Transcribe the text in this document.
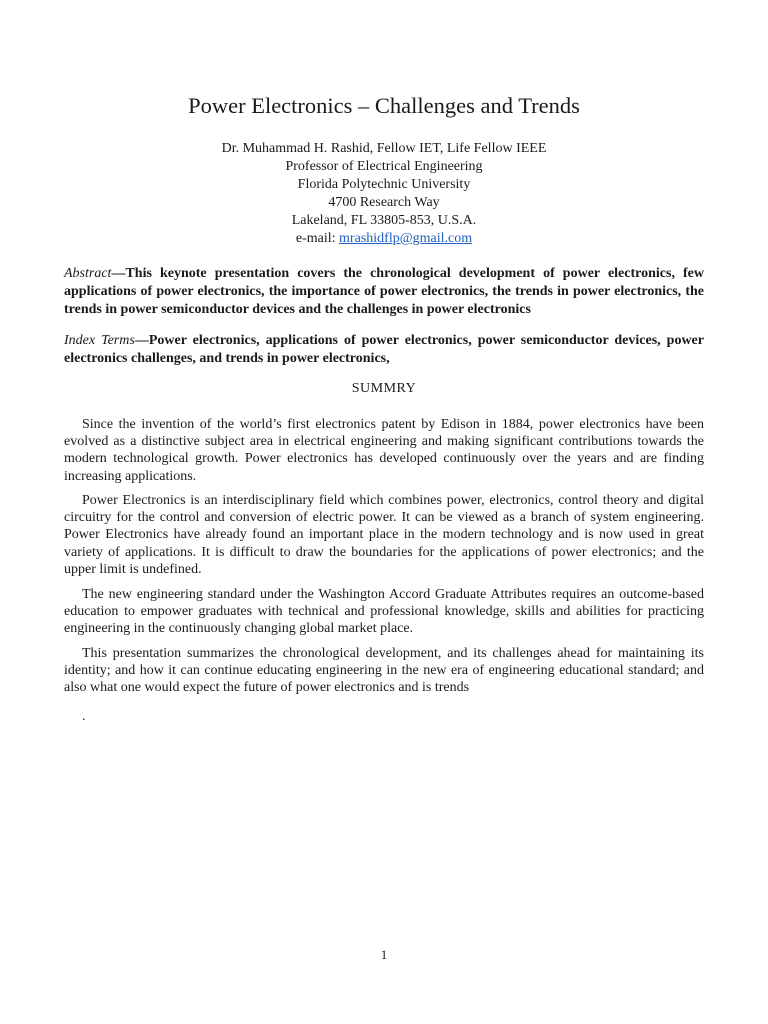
Power Electronics – Challenges and Trends
Dr. Muhammad H. Rashid, Fellow IET, Life Fellow IEEE
Professor of Electrical Engineering
Florida Polytechnic University
4700 Research Way
Lakeland, FL 33805-853, U.S.A.
e-mail: mrashidflp@gmail.com

Abstract—This keynote presentation covers the chronological development of power electronics, few applications of power electronics, the importance of power electronics, the trends in power electronics, the trends in power semiconductor devices and the challenges in power electronics

Index Terms—Power electronics, applications of power electronics, power semiconductor devices, power electronics challenges, and trends in power electronics,

SUMMRY

Since the invention of the world’s first electronics patent by Edison in 1884, power electronics have been evolved as a distinctive subject area in electrical engineering and making significant contributions towards the modern technological growth. Power electronics has developed continuously over the years and are finding increasing applications.

Power Electronics is an interdisciplinary field which combines power, electronics, control theory and digital circuitry for the control and conversion of electric power. It can be viewed as a branch of system engineering. Power Electronics have already found an important place in the modern technology and is now used in great variety of applications. It is difficult to draw the boundaries for the applications of power electronics; and the upper limit is undefined.

The new engineering standard under the Washington Accord Graduate Attributes requires an outcome-based education to empower graduates with technical and professional knowledge, skills and abilities for practicing engineering in the continuously changing global market place.

This presentation summarizes the chronological development, and its challenges ahead for maintaining its identity; and how it can continue educating engineering in the new era of engineering educational standard; and also what one would expect the future of power electronics and is trends

.
1
